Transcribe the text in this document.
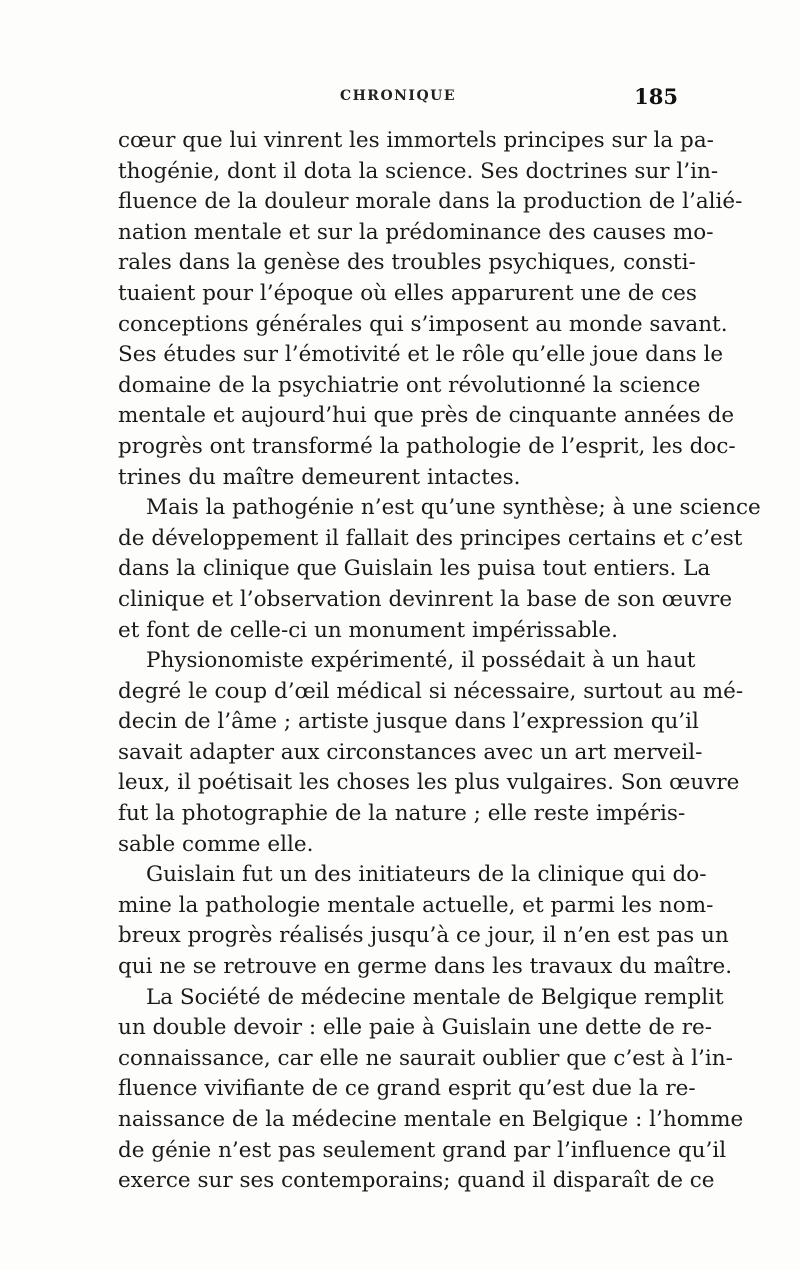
CHRONIQUE	185
cœur que lui vinrent les immortels principes sur la pa-
thogénie, dont il dota la science. Ses doctrines sur l’in-
fluence de la douleur morale dans la production de l’alié-
nation mentale et sur la prédominance des causes mo-
rales dans la genèse des troubles psychiques, consti-
tuaient pour l’époque où elles apparurent une de ces
conceptions générales qui s’imposent au monde savant.
Ses études sur l’émotivité et le rôle qu’elle joue dans le
domaine de la psychiatrie ont révolutionné la science
mentale et aujourd’hui que près de cinquante années de
progrès ont transformé la pathologie de l’esprit, les doc-
trines du maître demeurent intactes.
Mais la pathogénie n’est qu’une synthèse; à une science
de développement il fallait des principes certains et c’est
dans la clinique que Guislain les puisa tout entiers. La
clinique et l’observation devinrent la base de son œuvre
et font de celle-ci un monument impérissable.
Physionomiste expérimenté, il possédait à un haut
degré le coup d’œil médical si nécessaire, surtout au mé-
decin de l’âme ; artiste jusque dans l’expression qu’il
savait adapter aux circonstances avec un art merveil-
leux, il poétisait les choses les plus vulgaires. Son œuvre
fut la photographie de la nature ; elle reste impéris-
sable comme elle.
Guislain fut un des initiateurs de la clinique qui do-
mine la pathologie mentale actuelle, et parmi les nom-
breux progrès réalisés jusqu’à ce jour, il n’en est pas un
qui ne se retrouve en germe dans les travaux du maître.
La Société de médecine mentale de Belgique remplit
un double devoir : elle paie à Guislain une dette de re-
connaissance, car elle ne saurait oublier que c’est à l’in-
fluence vivifiante de ce grand esprit qu’est due la re-
naissance de la médecine mentale en Belgique : l’homme
de génie n’est pas seulement grand par l’influence qu’il
exerce sur ses contemporains; quand il disparaît de ce
